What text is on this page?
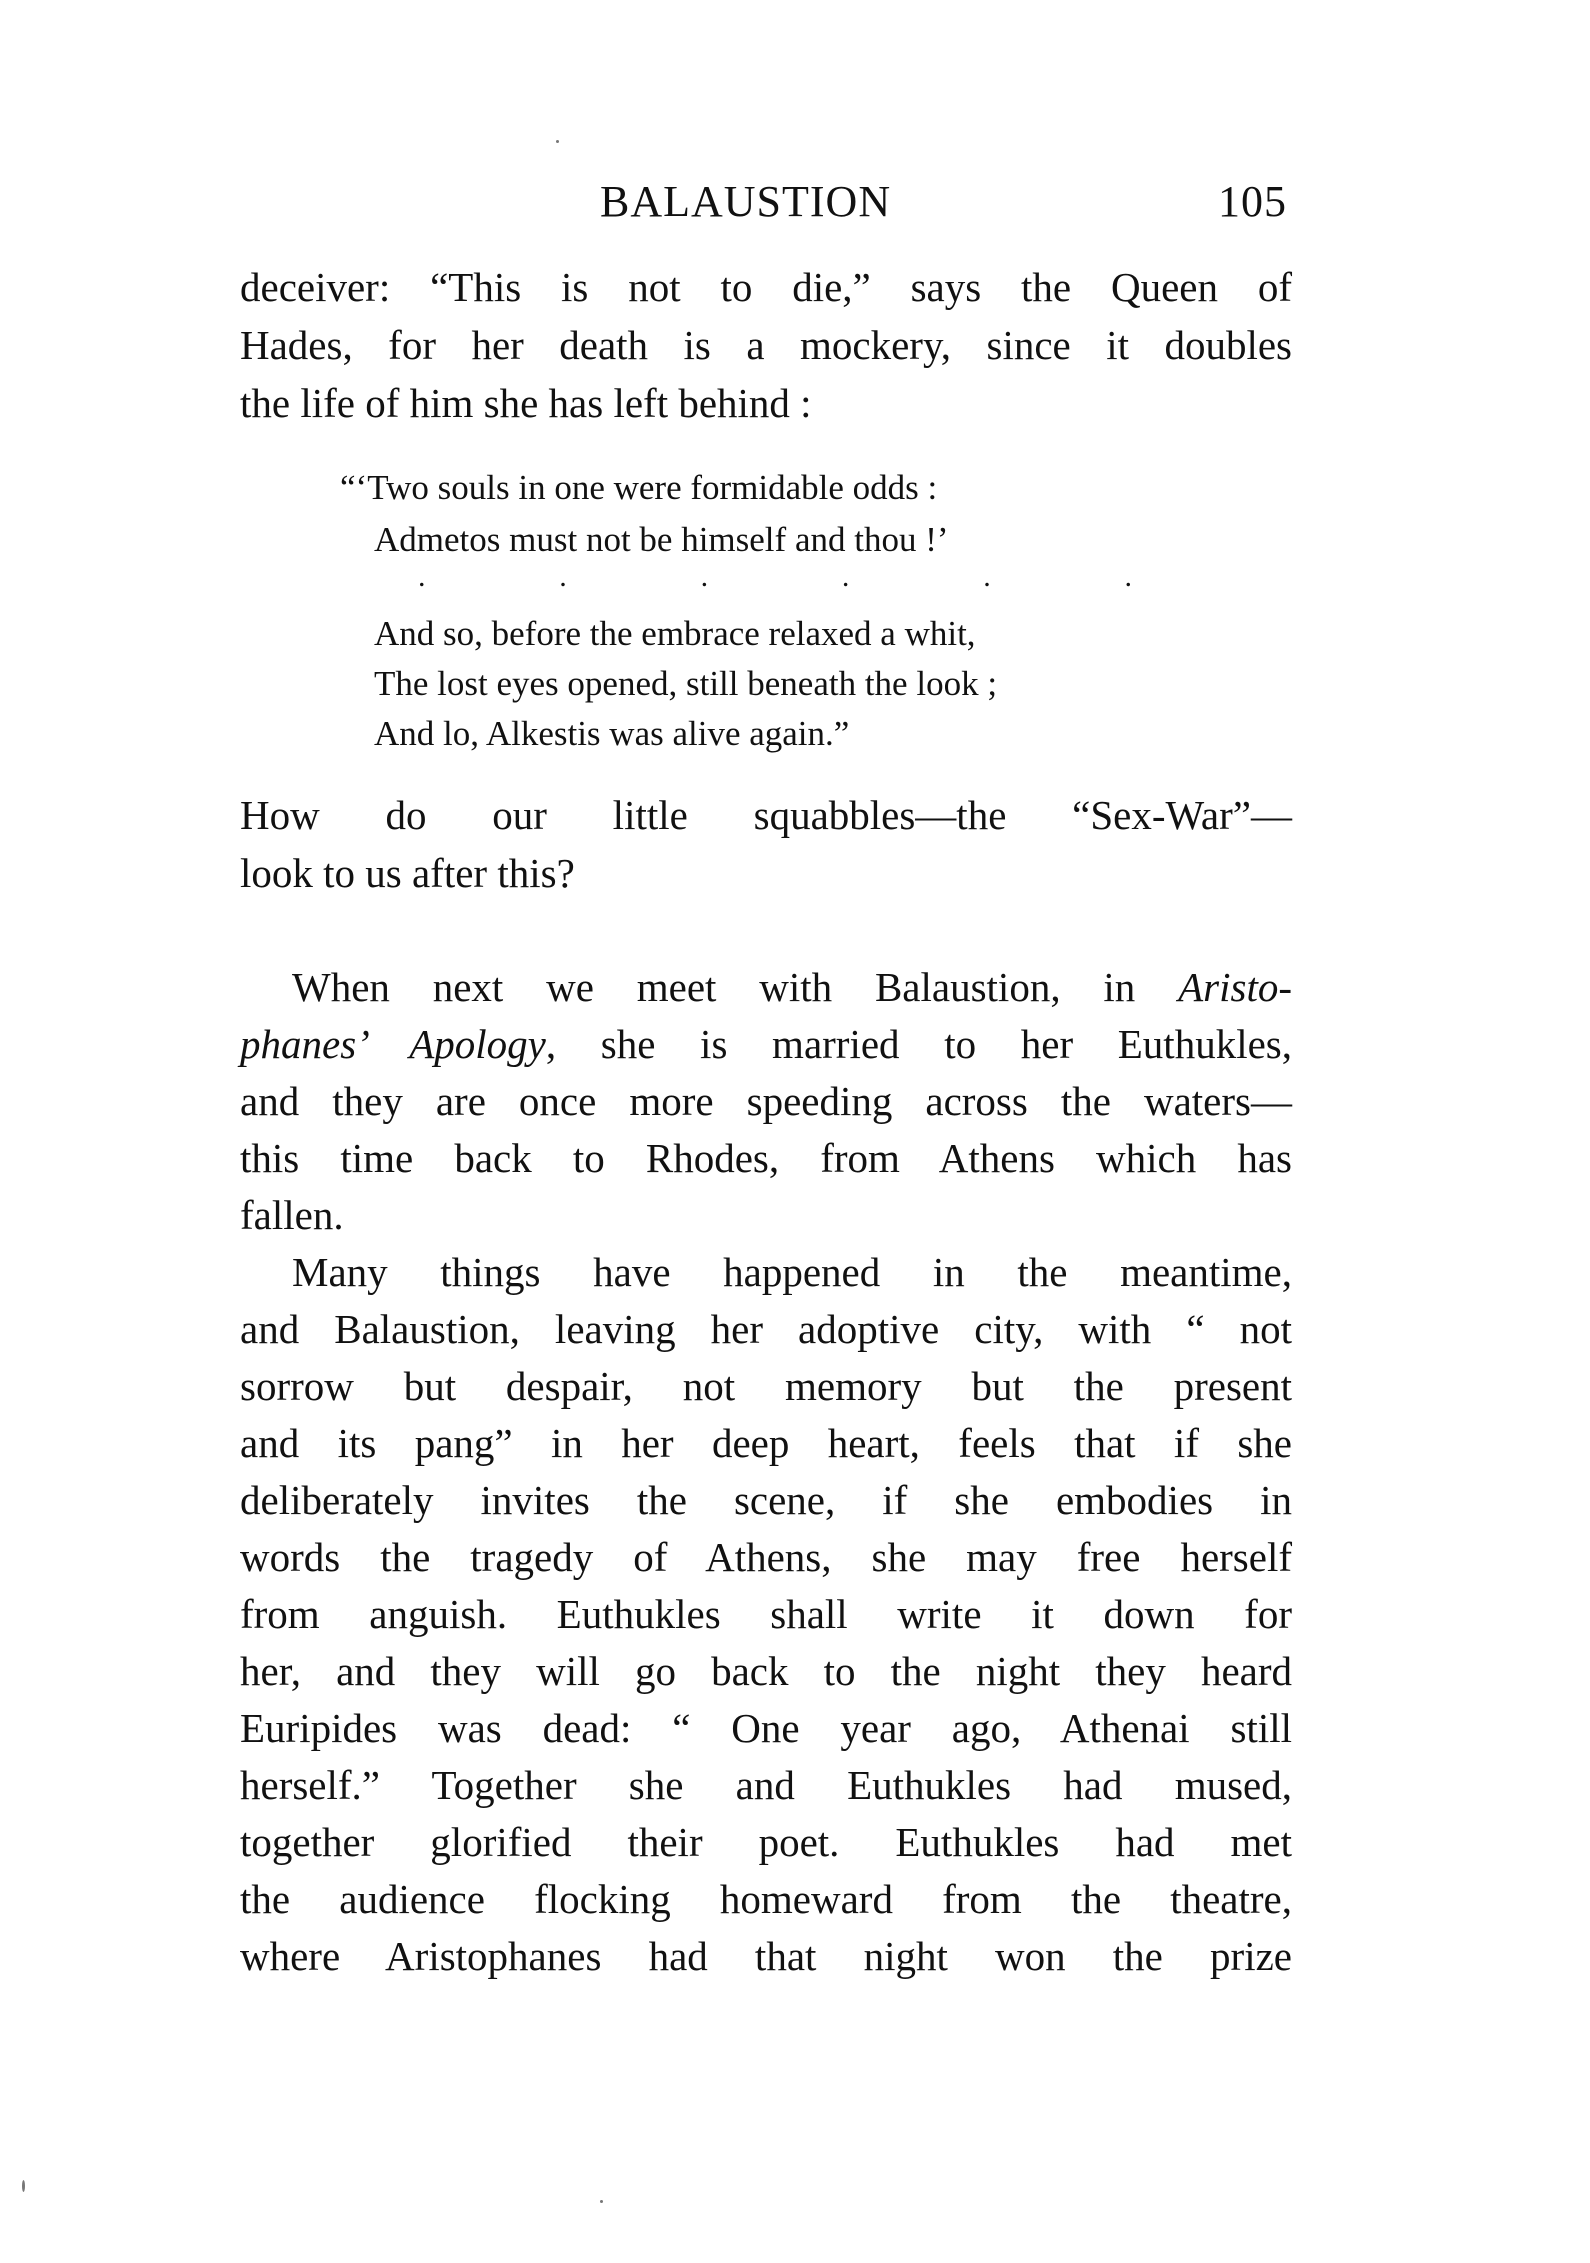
BALAUSTION	105
deceiver: “This is not to die,” says the Queen of
Hades, for her death is a mockery, since it doubles
the life of him she has left behind :
“‘Two souls in one were formidable odds :
Admetos must not be himself and thou !’
.	.	.	.	.	.
And so, before the embrace relaxed a whit,
The lost eyes opened, still beneath the look ;
And lo, Alkestis was alive again.”
How do our little squabbles—the “Sex-War”—
look to us after this?
When next we meet with Balaustion, in Aristo-
phanes’ Apology, she is married to her Euthukles,
and they are once more speeding across the waters—
this time back to Rhodes, from Athens which has
fallen.
Many things have happened in the meantime,
and Balaustion, leaving her adoptive city, with “ not
sorrow but despair, not memory but the present
and its pang” in her deep heart, feels that if she
deliberately invites the scene, if she embodies in
words the tragedy of Athens, she may free herself
from anguish. Euthukles shall write it down for
her, and they will go back to the night they heard
Euripides was dead: “ One year ago, Athenai still
herself.” Together she and Euthukles had mused,
together glorified their poet. Euthukles had met
the audience flocking homeward from the theatre,
where Aristophanes had that night won the prize
